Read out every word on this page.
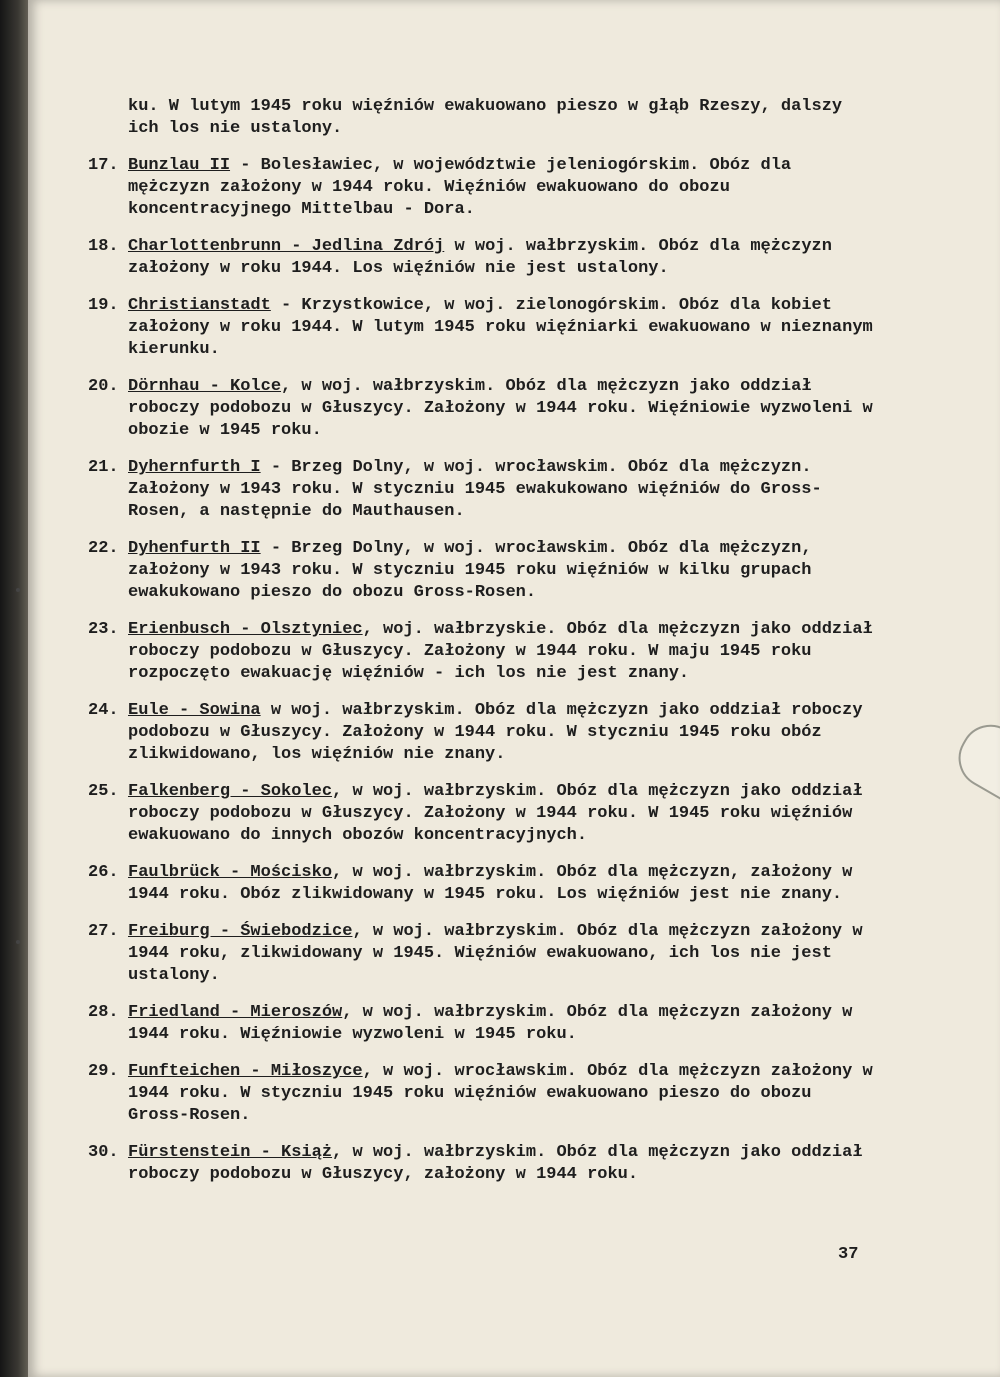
ku. W lutym 1945 roku więźniów ewakuowano pieszo w głąb Rzeszy, dalszy ich los nie ustalony.
17. Bunzlau II - Bolesławiec, w województwie jeleniogórskim. Obóz dla mężczyzn założony w 1944 roku. Więźniów ewakuowano do obozu koncentracyjnego Mittelbau - Dora.
18. Charlottenbrunn - Jedlina Zdrój w woj. wałbrzyskim. Obóz dla mężczyzn założony w roku 1944. Los więźniów nie jest ustalony.
19. Christianstadt - Krzystkowice, w woj. zielonogórskim. Obóz dla kobiet założony w roku 1944. W lutym 1945 roku więźniarki ewakuowano w nieznanym kierunku.
20. Dörnhau - Kolce, w woj. wałbrzyskim. Obóz dla mężczyzn jako oddział roboczy podobozu w Głuszycy. Założony w 1944 roku. Więźniowie wyzwoleni w obozie w 1945 roku.
21. Dyhernfurth I - Brzeg Dolny, w woj. wrocławskim. Obóz dla mężczyzn. Założony w 1943 roku. W styczniu 1945 ewakukowano więźniów do Gross-Rosen, a następnie do Mauthausen.
22. Dyhenfurth II - Brzeg Dolny, w woj. wrocławskim. Obóz dla mężczyzn, założony w 1943 roku. W styczniu 1945 roku więźniów w kilku grupach ewakukowano pieszo do obozu Gross-Rosen.
23. Erienbusch - Olsztyniec, woj. wałbrzyskie. Obóz dla mężczyzn jako oddział roboczy podobozu w Głuszycy. Założony w 1944 roku. W maju 1945 roku rozpoczęto ewakuację więźniów - ich los nie jest znany.
24. Eule - Sowina w woj. wałbrzyskim. Obóz dla mężczyzn jako oddział roboczy podobozu w Głuszycy. Założony w 1944 roku. W styczniu 1945 roku obóz zlikwidowano, los więźniów nie znany.
25. Falkenberg - Sokolec, w woj. wałbrzyskim. Obóz dla mężczyzn jako oddział roboczy podobozu w Głuszycy. Założony w 1944 roku. W 1945 roku więźniów ewakuowano do innych obozów koncentracyjnych.
26. Faulbrück - Mościsko, w woj. wałbrzyskim. Obóz dla mężczyzn, założony w 1944 roku. Obóz zlikwidowany w 1945 roku. Los więźniów jest nie znany.
27. Freiburg - Świebodzice, w woj. wałbrzyskim. Obóz dla mężczyzn założony w 1944 roku, zlikwidowany w 1945. Więźniów ewakuowano, ich los nie jest ustalony.
28. Friedland - Mieroszów, w woj. wałbrzyskim. Obóz dla mężczyzn założony w 1944 roku. Więźniowie wyzwoleni w 1945 roku.
29. Funfteichen - Miłoszyce, w woj. wrocławskim. Obóz dla mężczyzn założony w 1944 roku. W styczniu 1945 roku więźniów ewakuowano pieszo do obozu Gross-Rosen.
30. Fürstenstein - Książ, w woj. wałbrzyskim. Obóz dla mężczyzn jako oddział roboczy podobozu w Głuszycy, założony w 1944 roku.
37
